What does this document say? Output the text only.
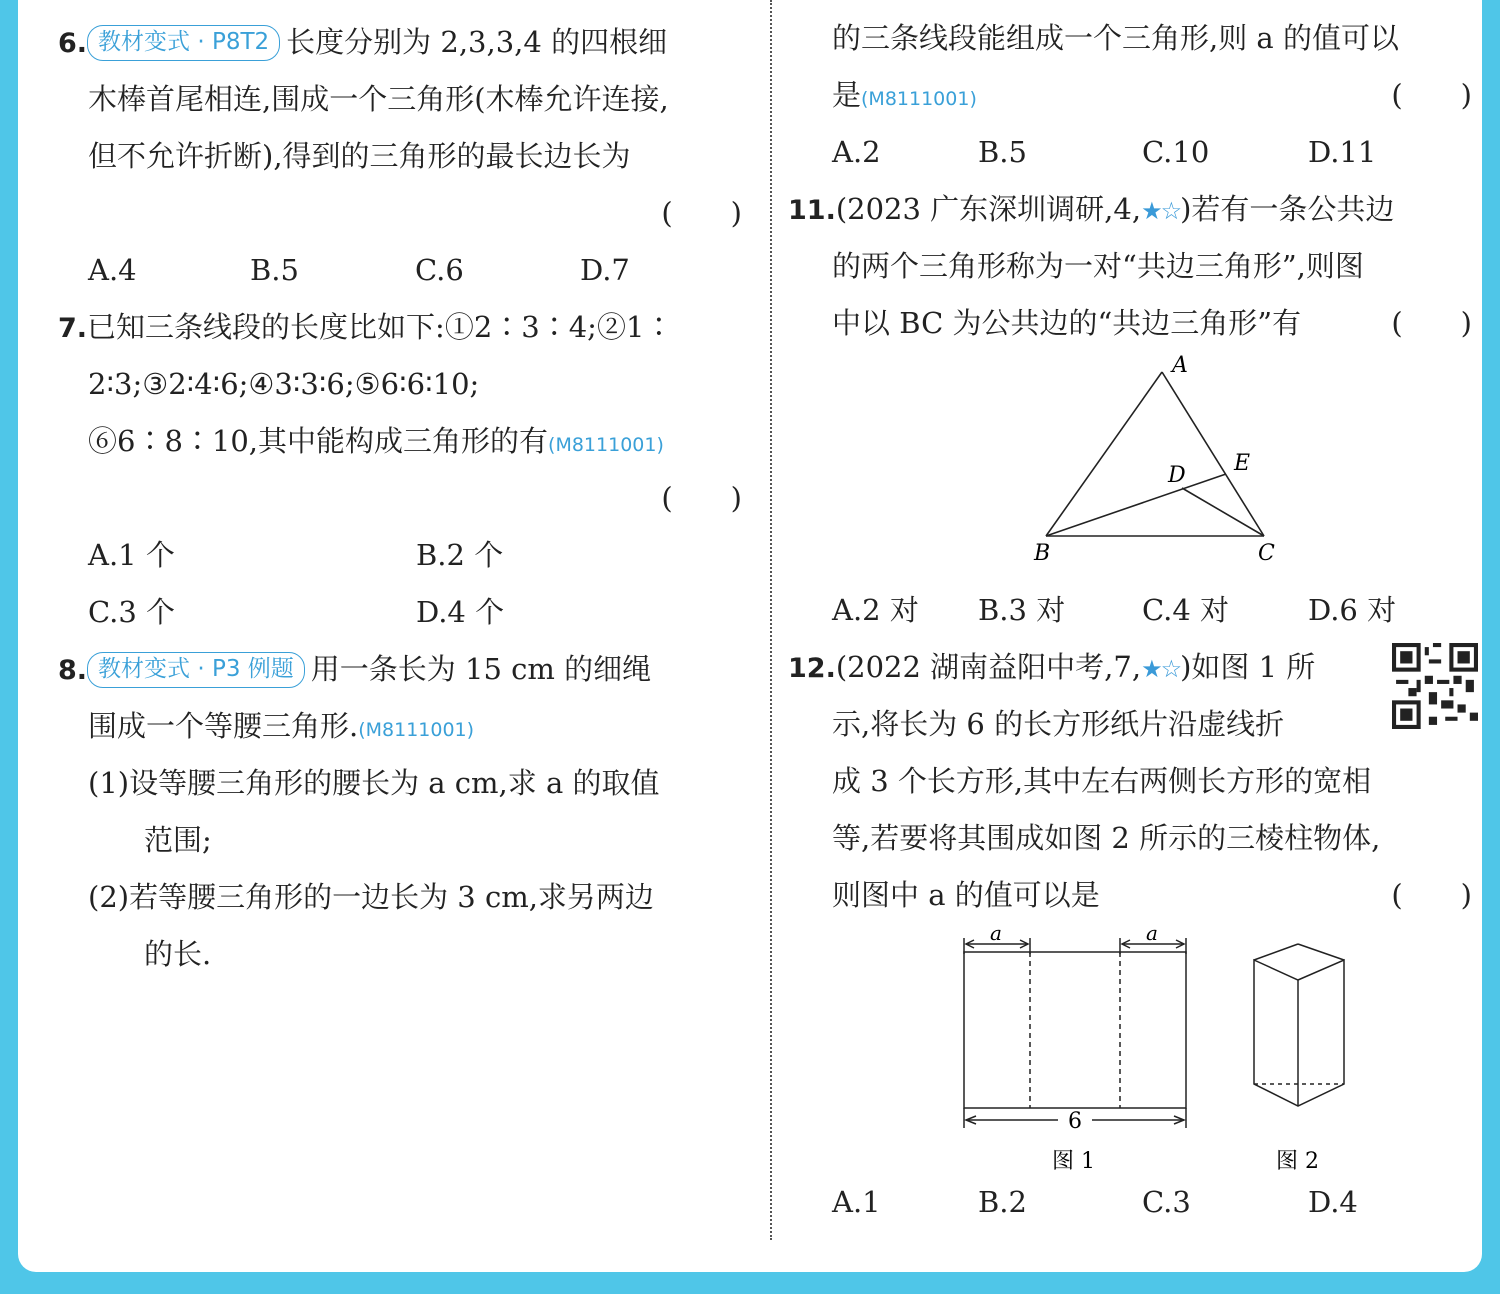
6. 教材变式 · P8T2 长度分别为 2,3,3,4 的四根细
木棒首尾相连,围成一个三角形(木棒允许连接,
但不允许折断),得到的三角形的最长边长为
(　　)
A.4	B.5	C.6	D.7
7.已知三条线段的长度比如下:①2∶3∶4;②1∶
2∶3;③2∶4∶6;④3∶3∶6;⑤6∶6∶10;
⑥6∶8∶10,其中能构成三角形的有(M8111001)
(　　)
A.1 个	B.2 个
C.3 个	D.4 个
8. 教材变式 · P3 例题 用一条长为 15 cm 的细绳
围成一个等腰三角形.(M8111001)
(1)设等腰三角形的腰长为 a cm,求 a 的取值
范围;
(2)若等腰三角形的一边长为 3 cm,求另两边
的长.
的三条线段能组成一个三角形,则 a 的值可以
是(M8111001)	(　　)
A.2	B.5	C.10	D.11
11.(2023 广东深圳调研,4,★☆)若有一条公共边
的两个三角形称为一对“共边三角形”,则图
中以 BC 为公共边的“共边三角形”有	(　　)
A
B	C
D E
A.2 对 B.3 对	C.4 对	D.6 对
12.(2022 湖南益阳中考,7,★☆)如图 1 所
示,将长为 6 的长方形纸片沿虚线折
成 3 个长方形,其中左右两侧长方形的宽相
等,若要将其围成如图 2 所示的三棱柱物体,
则图中 a 的值可以是	(　　)
a	a
6
图 1	图 2
A.1	B.2	C.3	D.4
